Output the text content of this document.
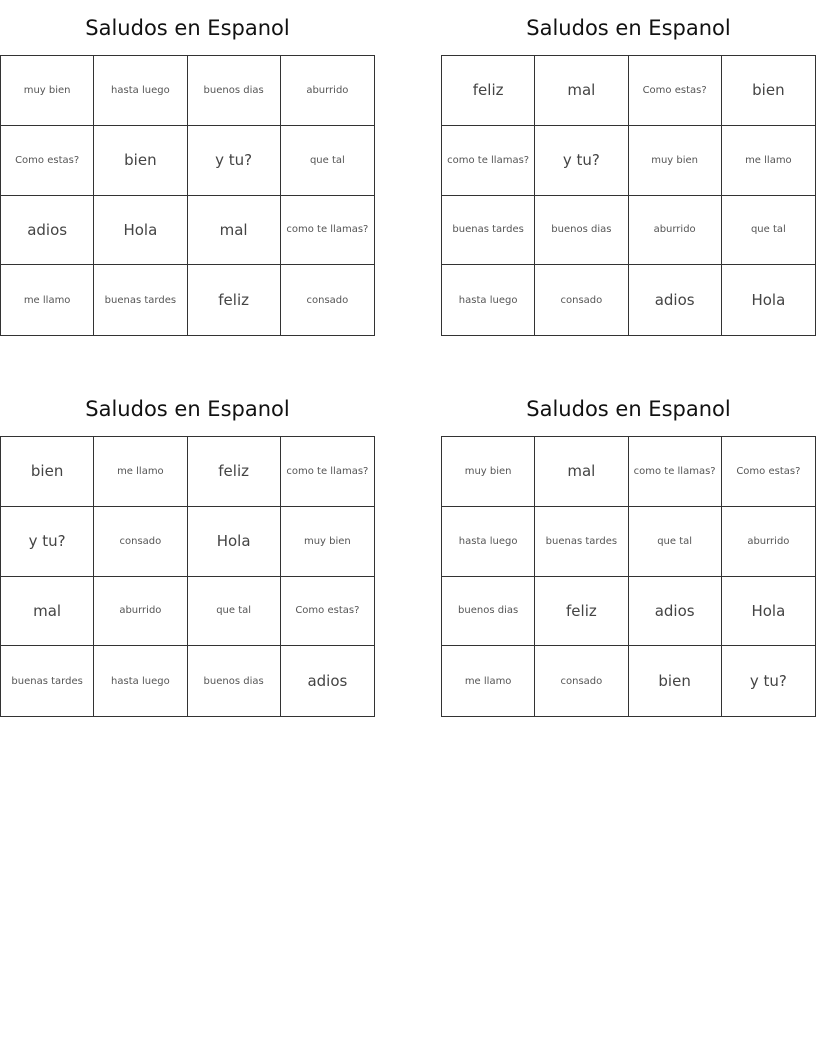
Saludos en Espanol
muy bien	hasta luego	buenos dias	aburrido
Como estas?	bien	y tu?	que tal
adios	Hola	mal	como te llamas?
me llamo	buenas tardes	feliz	consado
Saludos en Espanol
feliz	mal	Como estas?	bien
como te llamas?	y tu?	muy bien	me llamo
buenas tardes	buenos dias	aburrido	que tal
hasta luego	consado	adios	Hola
Saludos en Espanol
bien	me llamo	feliz	como te llamas?
y tu?	consado	Hola	muy bien
mal	aburrido	que tal	Como estas?
buenas tardes	hasta luego	buenos dias	adios
Saludos en Espanol
muy bien	mal	como te llamas?	Como estas?
hasta luego	buenas tardes	que tal	aburrido
buenos dias	feliz	adios	Hola
me llamo	consado	bien	y tu?
